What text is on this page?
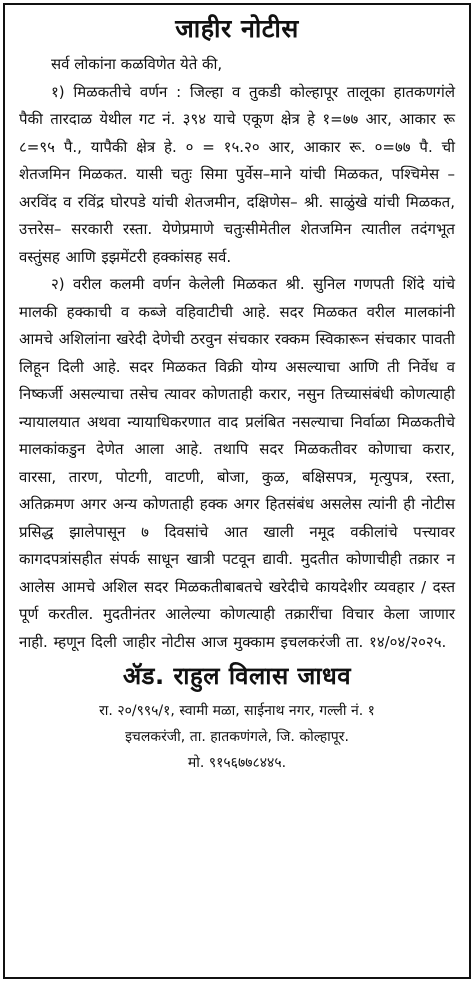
जाहीर नोटीस

सर्व लोकांना कळविणेत येते की,

१) मिळकतीचे वर्णन : जिल्हा व तुकडी कोल्हापूर तालूका हातकणगंले पैकी तारदाळ येथील गट नं. ३९४ याचे एकूण क्षेत्र हे १=७७ आर, आकार रू ८=९५ पै., यापैकी क्षेत्र हे. ० = १५.२० आर, आकार रू. ०=७७ पै. ची शेतजमिन मिळकत. यासी चतुः सिमा पुर्वेस–माने यांची मिळकत, पश्चिमेस – अरविंद व रविंद्र घोरपडे यांची शेतजमीन, दक्षिणेस– श्री. साळुंखे यांची मिळकत, उत्तरेस– सरकारी रस्ता. येणेप्रमाणे चतुःसीमेतील शेतजमिन त्यातील तदंगभूत वस्तुंसह आणि इझमेंटरी हक्कांसह सर्व.

२) वरील कलमी वर्णन केलेली मिळकत श्री. सुनिल गणपती शिंदे यांचे मालकी हक्काची व कब्जे वहिवाटीची आहे. सदर मिळकत वरील मालकांनी आमचे अशिलांना खरेदी देणेची ठरवुन संचकार रक्कम स्विकारून संचकार पावती लिहून दिली आहे. सदर मिळकत विक्री योग्य असल्याचा आणि ती निर्वेध व निष्कर्जी असल्याचा तसेच त्यावर कोणताही करार, नसुन तिच्यासंबंधी कोणत्याही न्यायालयात अथवा न्यायाधिकरणात वाद प्रलंबित नसल्याचा निर्वाळा मिळकतीचे मालकांकडुन देणेत आला आहे. तथापि सदर मिळकतीवर कोणाचा करार, वारसा, तारण, पोटगी, वाटणी, बोजा, कुळ, बक्षिसपत्र, मृत्युपत्र, रस्ता, अतिक्रमण अगर अन्य कोणताही हक्क अगर हितसंबंध असलेस त्यांनी ही नोटीस प्रसिद्ध झालेपासून ७ दिवसांचे आत खाली नमूद वकीलांचे पत्त्यावर कागदपत्रांसहीत संपर्क साधून खात्री पटवून द्यावी. मुदतीत कोणाचीही तक्रार न आलेस आमचे अशिल सदर मिळकतीबाबतचे खरेदीचे कायदेशीर व्यवहार / दस्त पूर्ण करतील. मुदतीनंतर आलेल्या कोणत्याही तक्रारींचा विचार केला जाणार नाही. म्हणून दिली जाहीर नोटीस आज मुक्काम इचलकरंजी ता. १४/०४/२०२५.

ॲड. राहुल विलास जाधव

रा. २०/९९५/१, स्वामी मळा, साईनाथ नगर, गल्ली नं. १

इचलकरंजी, ता. हातकणंगले, जि. कोल्हापूर.

मो. ९१५६७७८४४५.
